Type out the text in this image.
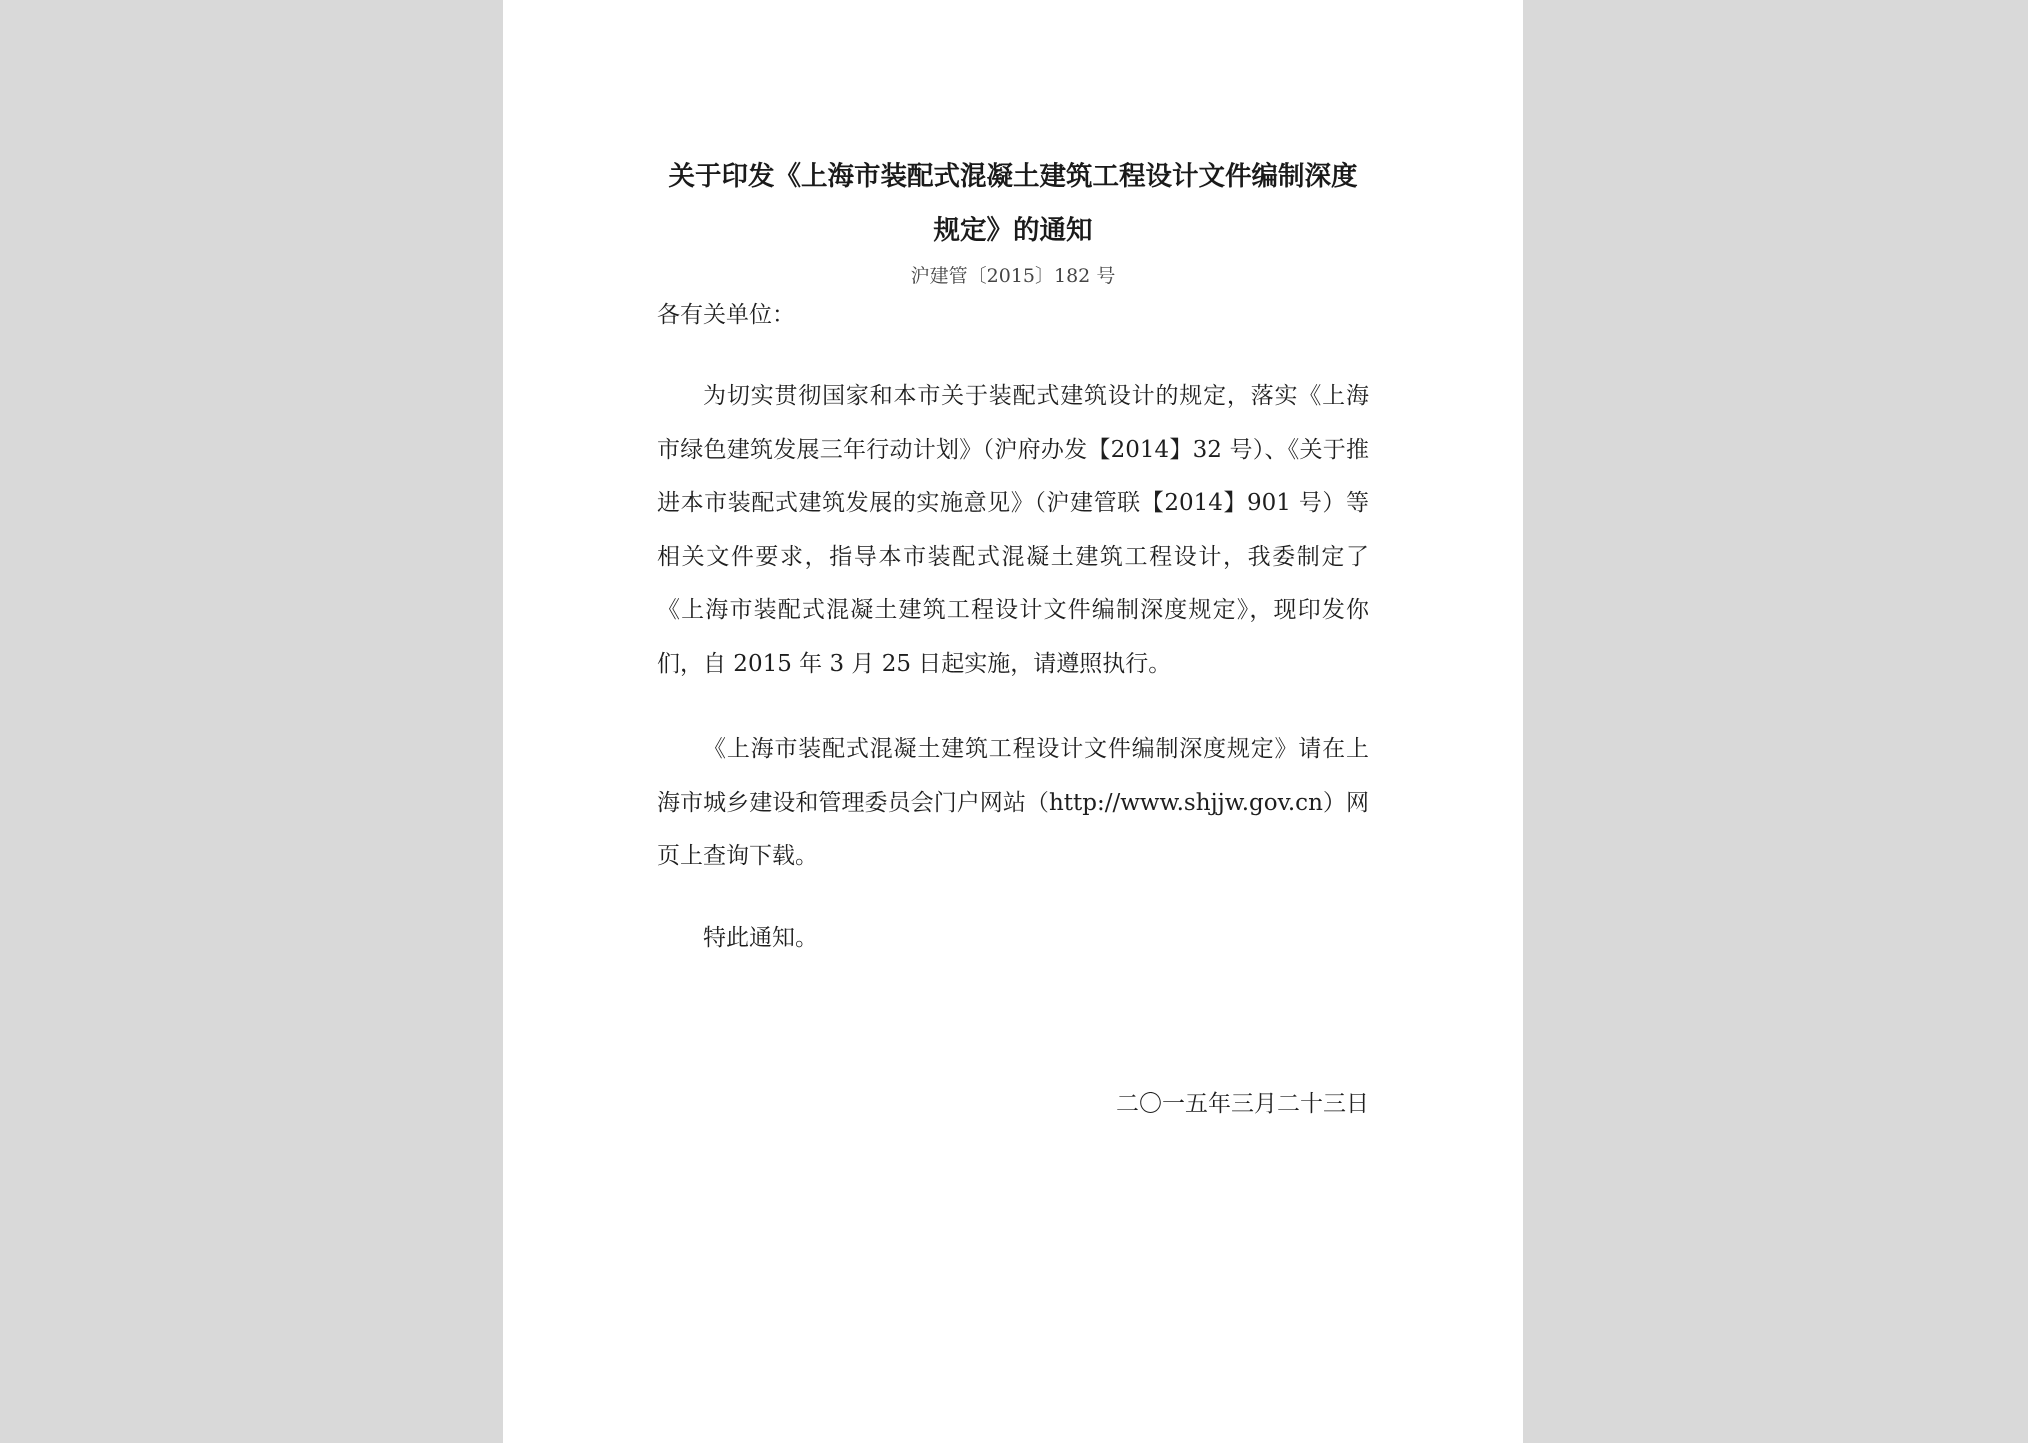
关于印发《上海市装配式混凝土建筑工程设计文件编制深度规定》的通知
沪建管〔2015〕182 号
各有关单位：

为切实贯彻国家和本市关于装配式建筑设计的规定，落实《上海市绿色建筑发展三年行动计划》（沪府办发【2014】32 号）、《关于推进本市装配式建筑发展的实施意见》（沪建管联【2014】901 号）等相关文件要求，指导本市装配式混凝土建筑工程设计，我委制定了《上海市装配式混凝土建筑工程设计文件编制深度规定》，现印发你们，自 2015 年 3 月 25 日起实施，请遵照执行。

《上海市装配式混凝土建筑工程设计文件编制深度规定》请在上海市城乡建设和管理委员会门户网站（http://www.shjjw.gov.cn）网页上查询下载。

特此通知。

二〇一五年三月二十三日
